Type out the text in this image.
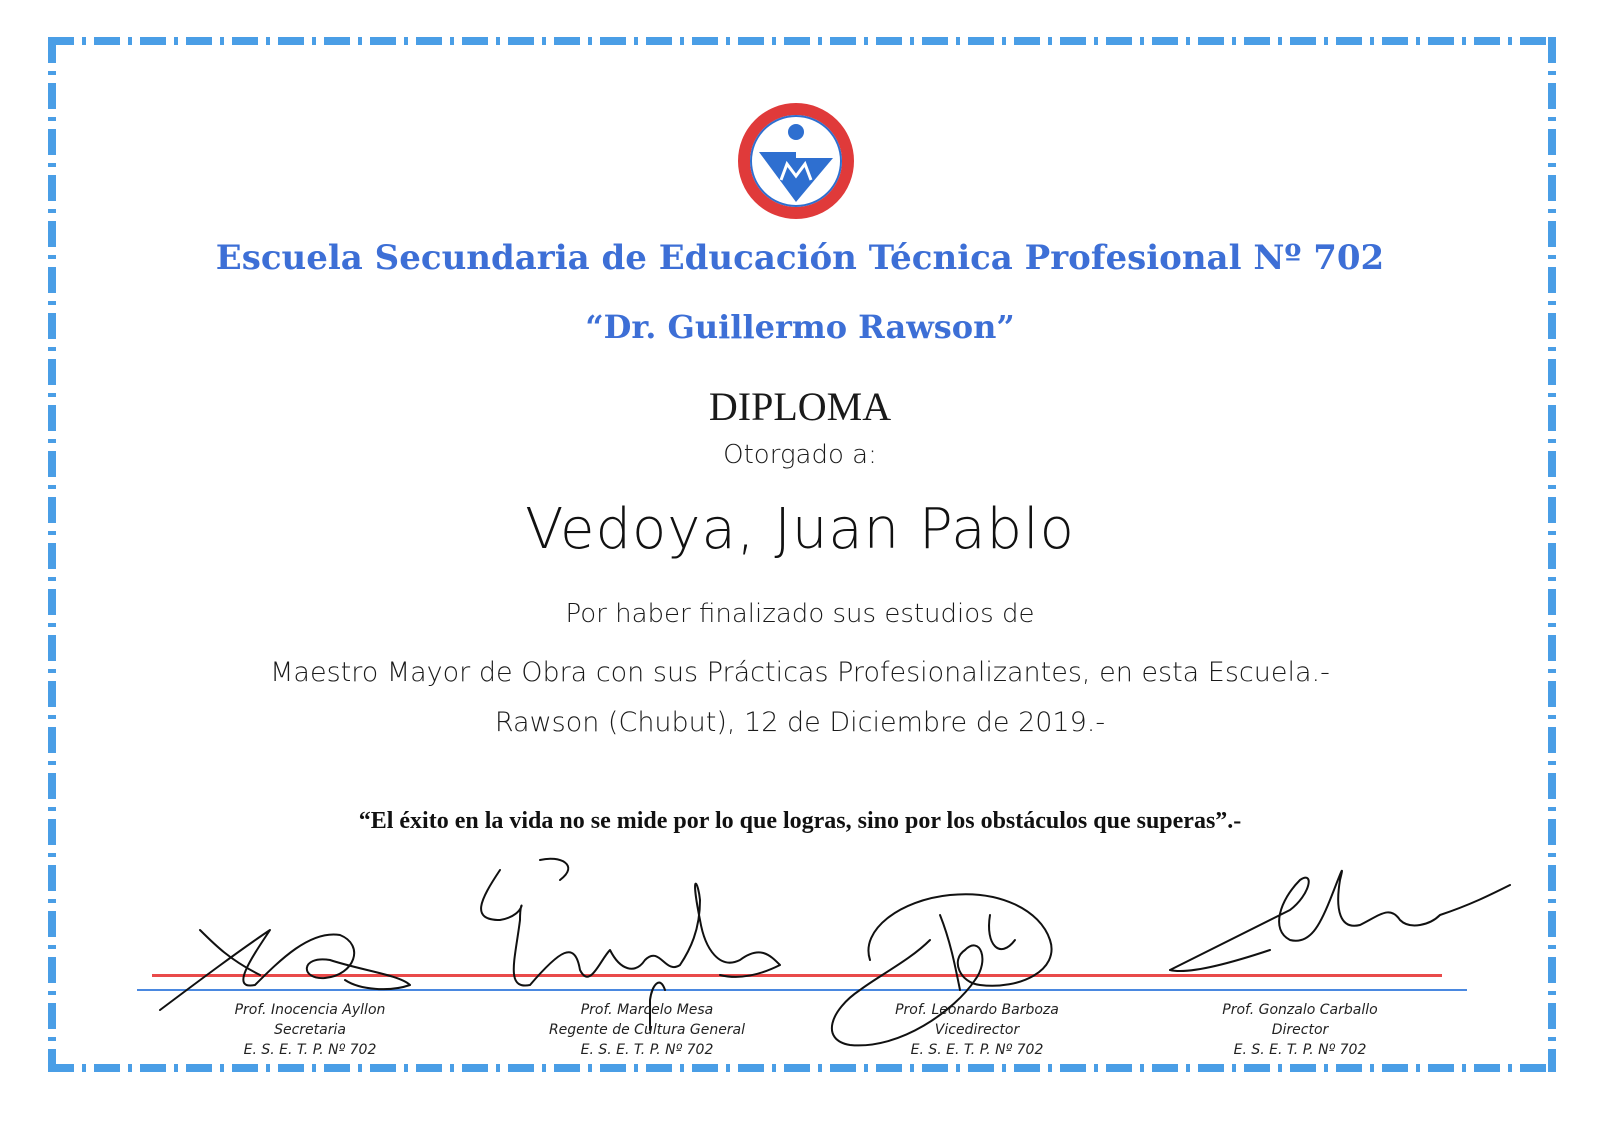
Escuela Secundaria de Educación Técnica Profesional Nº 702

“Dr. Guillermo Rawson”

DIPLOMA

Otorgado a:

Vedoya, Juan Pablo

Por haber finalizado sus estudios de

Maestro Mayor de Obra con sus Prácticas Profesionalizantes, en esta Escuela.-

Rawson (Chubut), 12 de Diciembre de 2019.-

“El éxito en la vida no se mide por lo que logras, sino por los obstáculos que superas”.-

Prof. Inocencia Ayllon
Secretaria
E. S. E. T. P. Nº 702
Prof. Marcelo Mesa
Regente de Cultura General
E. S. E. T. P. Nº 702
Prof. Leonardo Barboza
Vicedirector
E. S. E. T. P. Nº 702
Prof. Gonzalo Carballo
Director
E. S. E. T. P. Nº 702
